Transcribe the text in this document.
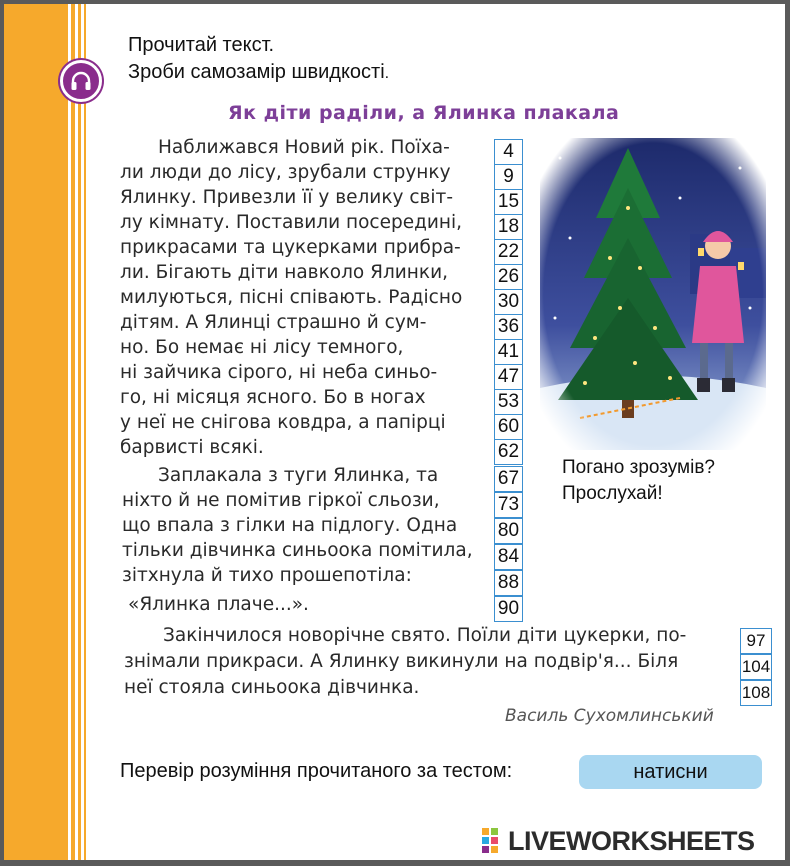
Прочитай текст.
Зроби самозамір швидкості.
Як діти раділи, а Ялинка плакала
Наближався Новий рік. Поїха-
ли люди до лісу, зрубали струнку
Ялинку. Привезли її у велику світ-
лу кімнату. Поставили посередині,
прикрасами та цукерками прибра-
ли. Бігають діти навколо Ялинки,
милуються, пісні співають. Радісно
дітям. А Ялинці страшно й сум-
но. Бо немає ні лісу темного,
ні зайчика сірого, ні неба синьо-
го, ні місяця ясного. Бо в ногах
у неї не снігова ковдра, а папірці
барвисті всякі.
Заплакала з туги Ялинка, та
ніхто й не помітив гіркої сльози,
що впала з гілки на підлогу. Одна
тільки дівчинка синьоока помітила,
зітхнула й тихо прошепотіла:
«Ялинка плаче...».
Закінчилося новорічне свято. Поїли діти цукерки, по-
знімали прикраси. А Ялинку викинули на подвір'я... Біля
неї стояла синьоока дівчинка.
4
9
15
18
22
26
30
36
41
47
53
60
62
67
73
80
84
88
90
97
104
108
Погано зрозумів?
Прослухай!
Василь Сухомлинський
Перевір розуміння прочитаного за тестом:	натисни
LIVEWORKSHEETS
